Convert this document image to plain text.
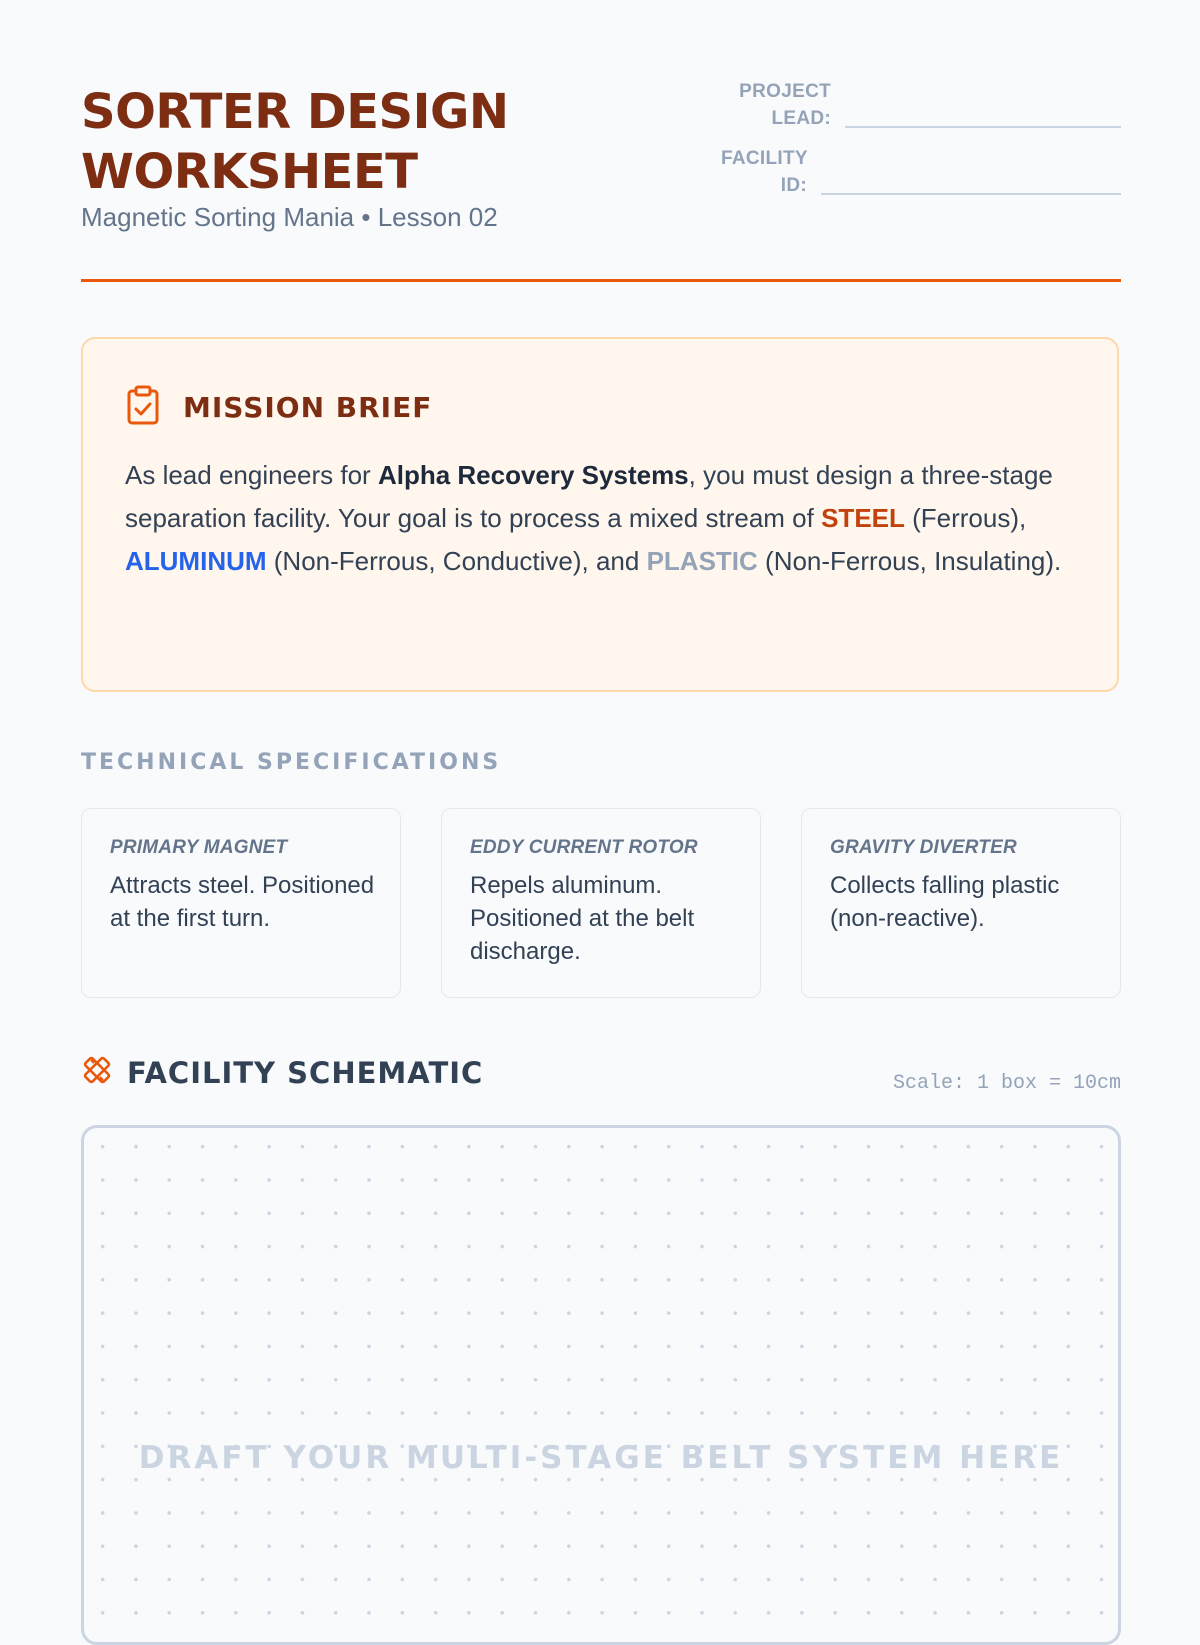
SORTER DESIGN WORKSHEET
Magnetic Sorting Mania • Lesson 02
PROJECT LEAD:
FACILITY ID:
MISSION BRIEF

As lead engineers for Alpha Recovery Systems, you must design a three-stage separation facility. Your goal is to process a mixed stream of STEEL (Ferrous), ALUMINUM (Non-Ferrous, Conductive), and PLASTIC (Non-Ferrous, Insulating).

TECHNICAL SPECIFICATIONS
PRIMARY MAGNET
Attracts steel. Positioned at the first turn.
EDDY CURRENT ROTOR
Repels aluminum. Positioned at the belt discharge.
GRAVITY DIVERTER
Collects falling plastic (non-reactive).
FACILITY SCHEMATIC	Scale: 1 box = 10cm
DRAFT YOUR MULTI-STAGE BELT SYSTEM HERE
